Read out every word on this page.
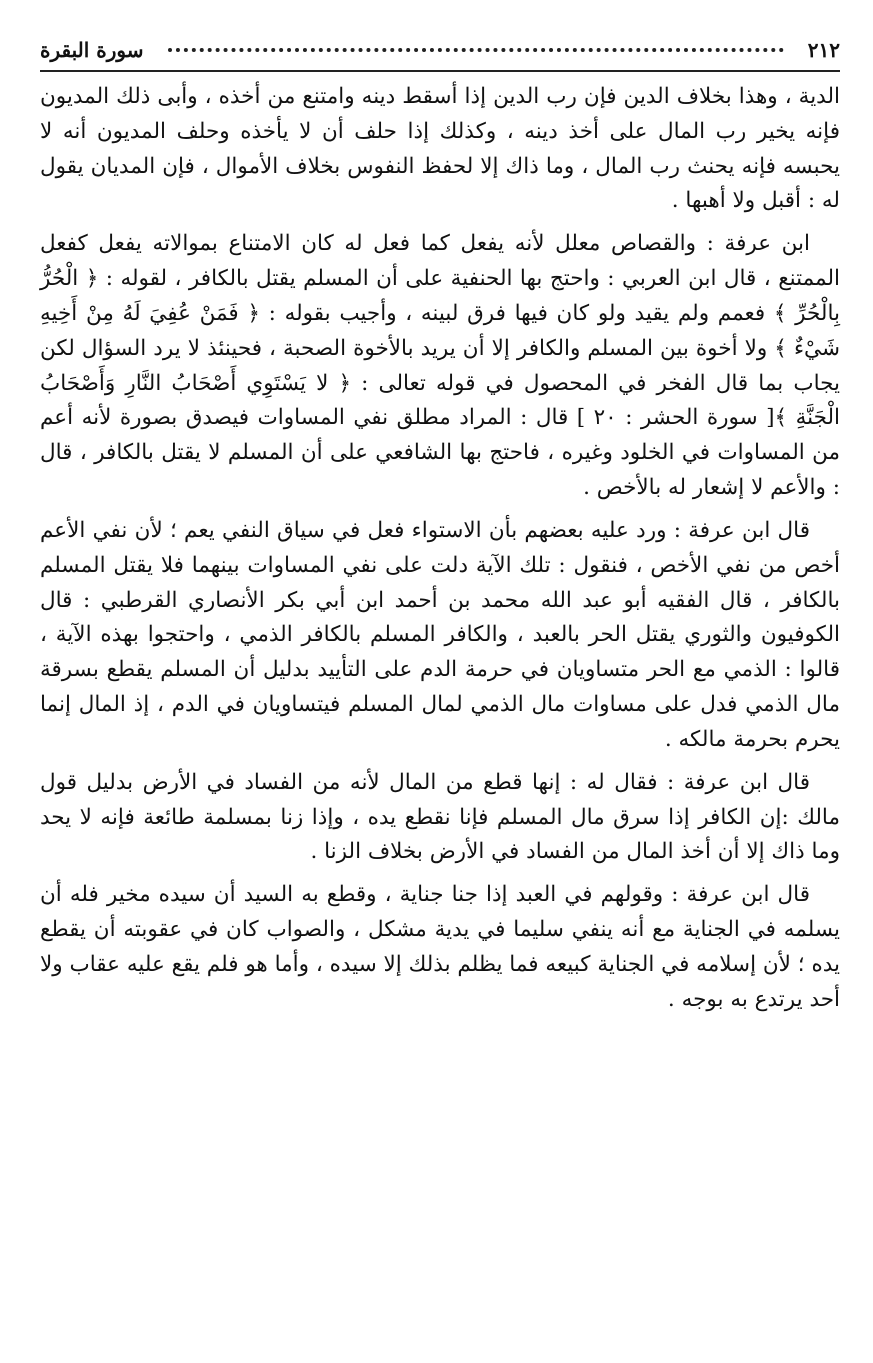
٢١٢
سورة البقرة

الدية ، وهذا بخلاف الدين فإن رب الدين إذا أسقط دينه وامتنع من أخذه ، وأبى ذلك المديون فإنه يخير رب المال على أخذ دينه ، وكذلك إذا حلف أن لا يأخذه وحلف المديون أنه لا يحبسه فإنه يحنث رب المال ، وما ذاك إلا لحفظ النفوس بخلاف الأموال ، فإن المديان يقول له : أقبل ولا أهبها .

ابن عرفة : والقصاص معلل لأنه يفعل كما فعل له كان الامتناع بموالاته يفعل كفعل الممتنع ، قال ابن العربي : واحتج بها الحنفية على أن المسلم يقتل بالكافر ، لقوله : ﴿ الْحُرُّ بِالْحُرِّ ﴾ فعمم ولم يقيد ولو كان فيها فرق لبينه ، وأجيب بقوله : ﴿ فَمَنْ عُفِيَ لَهُ مِنْ أَخِيهِ شَيْءٌ ﴾ ولا أخوة بين المسلم والكافر إلا أن يريد بالأخوة الصحبة ، فحينئذ لا يرد السؤال لكن يجاب بما قال الفخر في المحصول في قوله تعالى : ﴿ لا يَسْتَوِي أَصْحَابُ النَّارِ وَأَصْحَابُ الْجَنَّةِ ﴾[ سورة الحشر : ٢٠ ] قال : المراد مطلق نفي المساوات فيصدق بصورة لأنه أعم من المساوات في الخلود وغيره ، فاحتج بها الشافعي على أن المسلم لا يقتل بالكافر ، قال : والأعم لا إشعار له بالأخص .

قال ابن عرفة : ورد عليه بعضهم بأن الاستواء فعل في سياق النفي يعم ؛ لأن نفي الأعم أخص من نفي الأخص ، فنقول : تلك الآية دلت على نفي المساوات بينهما فلا يقتل المسلم بالكافر ، قال الفقيه أبو عبد الله محمد بن أحمد ابن أبي بكر الأنصاري القرطبي : قال الكوفيون والثوري يقتل الحر بالعبد ، والكافر المسلم بالكافر الذمي ، واحتجوا بهذه الآية ، قالوا : الذمي مع الحر متساويان في حرمة الدم على التأييد بدليل أن المسلم يقطع بسرقة مال الذمي فدل على مساوات مال الذمي لمال المسلم فيتساويان في الدم ، إذ المال إنما يحرم بحرمة مالكه .

قال ابن عرفة : فقال له : إنها قطع من المال لأنه من الفساد في الأرض بدليل قول مالك :إن الكافر إذا سرق مال المسلم فإنا نقطع يده ، وإذا زنا بمسلمة طائعة فإنه لا يحد وما ذاك إلا أن أخذ المال من الفساد في الأرض بخلاف الزنا .

قال ابن عرفة : وقولهم في العبد إذا جنا جناية ، وقطع به السيد أن سيده مخير فله أن يسلمه في الجناية مع أنه ينفي سليما في يدية مشكل ، والصواب كان في عقوبته أن يقطع يده ؛ لأن إسلامه في الجناية كبيعه فما يظلم بذلك إلا سيده ، وأما هو فلم يقع عليه عقاب ولا أحد يرتدع به بوجه .
